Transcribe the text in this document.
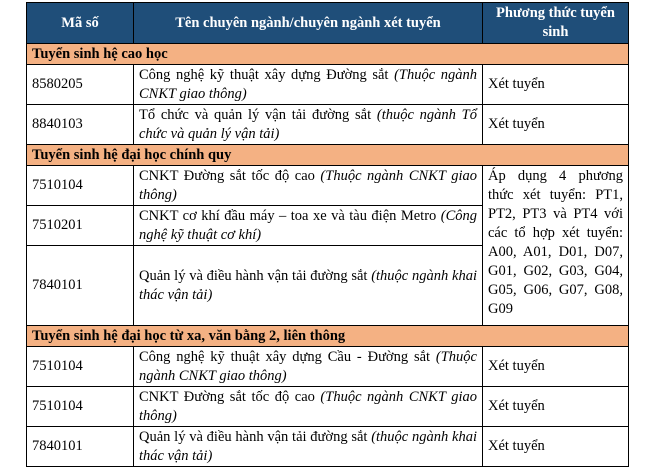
Mã số	Tên chuyên ngành/chuyên ngành xét tuyển	Phương thức tuyển sinh
Tuyển sinh hệ cao học		
8580205	Công nghệ kỹ thuật xây dựng Đường sắt (Thuộc ngành CNKT giao thông)	Xét tuyển
8840103	Tổ chức và quản lý vận tải đường sắt (thuộc ngành Tổ chức và quản lý vận tải)	Xét tuyển
Tuyển sinh hệ đại học chính quy		
7510104	CNKT Đường sắt tốc độ cao (Thuộc ngành CNKT giao thông)	Áp dụng 4 phương thức xét tuyển: PT1, PT2, PT3 và PT4 với các tổ hợp xét tuyển: A00, A01, D01, D07, G01, G02, G03, G04, G05, G06, G07, G08, G09
7510201	CNKT cơ khí đầu máy – toa xe và tàu điện Metro (Công nghệ kỹ thuật cơ khí)	
7840101	Quản lý và điều hành vận tải đường sắt (thuộc ngành khai thác vận tải)	
Tuyển sinh hệ đại học từ xa, văn bằng 2, liên thông		
7510104	Công nghệ kỹ thuật xây dựng Cầu - Đường sắt (Thuộc ngành CNKT giao thông)	Xét tuyển
7510104	CNKT Đường sắt tốc độ cao (Thuộc ngành CNKT giao thông)	Xét tuyển
7840101	Quản lý và điều hành vận tải đường sắt (thuộc ngành khai thác vận tải)	Xét tuyển
